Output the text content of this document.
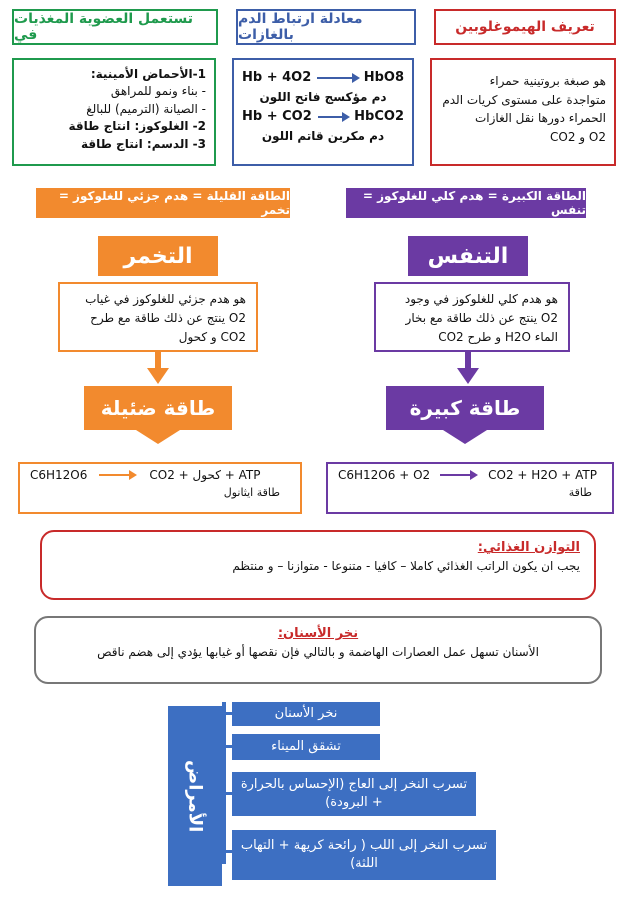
تعريف الهيموغلوبين
معادلة ارتباط الدم بالغازات
تستعمل العضوية المغذيات في
هو صبغة بروتينية حمراء
متواجدة على مستوى كريات الدم
الحمراء دورها نقل الغازات
O2 و CO2
Hb + 4O2	HbO8
دم مؤكسج فاتح اللون
Hb + CO2	HbCO2
دم مكربن قاتم اللون
1-الأحماض الأمينية:
- بناء ونمو للمراهق
- الصيانة (الترميم) للبالغ
2- الغلوكوز: انتاج طاقة
3- الدسم: انتاج طاقة
الطاقة القليلة = هدم جزئي للغلوكوز = تخمر
الطاقة الكبيرة = هدم كلي للغلوكوز = تنفس
التخمر
هو هدم جزئي للغلوكوز في غياب
O2 ينتج عن ذلك طاقة مع طرح
CO2 و كحول
طاقة ضئيلة
C6H12O6	CO2 + كحول + ATP
طاقة ايثانول
التنفس
هو هدم كلي للغلوكوز في وجود
O2 ينتج عن ذلك طاقة مع بخار
الماء H2O و طرح CO2
طاقة كبيرة
C6H12O6 + O2	CO2 + H2O + ATP
طاقة
التوازن الغذائي:
يجب ان يكون الراتب الغذائي كاملا – كافيا - متنوعا - متوازنا – و منتظم
نخر الأسنان:
الأسنان تسهل عمل العصارات الهاضمة و بالتالي فإن نقصها أو غيابها يؤدي إلى هضم ناقص
الأمراض
نخر الأسنان
تشقق الميناء
تسرب النخر إلى العاج (الإحساس بالحرارة + البرودة)
تسرب النخر إلى اللب ( رائحة كريهة + التهاب اللثة)
